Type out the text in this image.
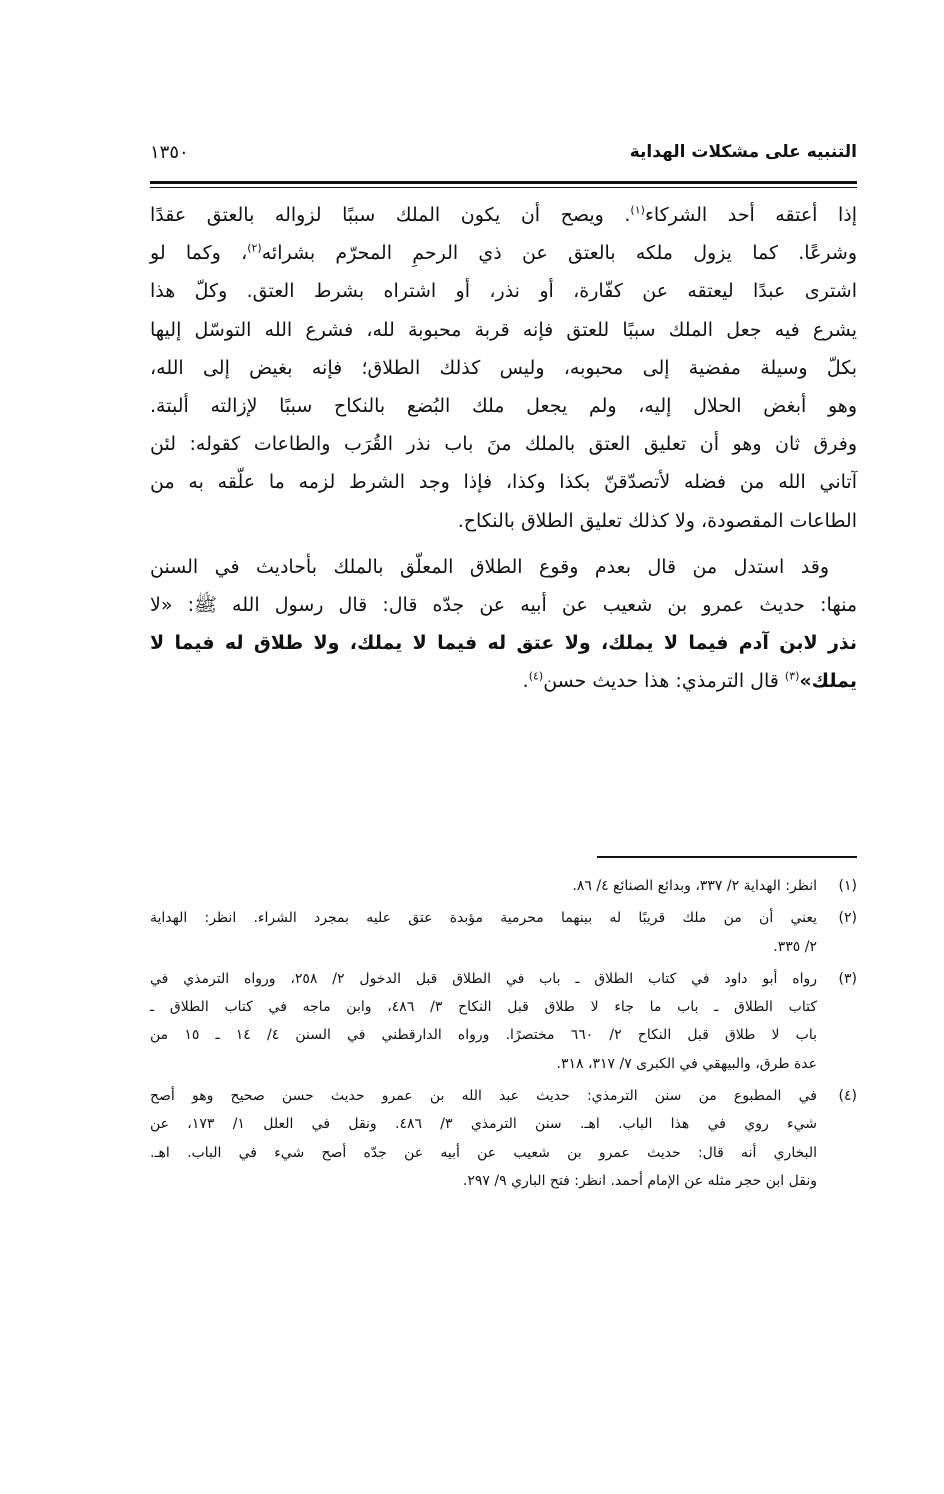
التنبيه على مشكلات الهداية
١٣٥٠
إذا أعتقه أحد الشركاء$^{(١)}$. ويصح أن يكون الملك سببًا لزواله بالعتق عقدًا
وشرعًا. كما يزول ملكه بالعتق عن ذي الرحمِ المحرّم بشرائه$^{(٢)}$، وكما لو
اشترى عبدًا ليعتقه عن كفّارة، أو نذر، أو اشتراه بشرط العتق. وكلّ هذا
يشرع فيه جعل الملك سببًا للعتق فإنه قربة محبوبة لله، فشرع الله التوسّل إليها
بكلّ وسيلة مفضية إلى محبوبه، وليس كذلك الطلاق؛ فإنه بغيض إلى الله،
وهو أبغض الحلال إليه، ولم يجعل ملك البُضع بالنكاح سببًا لإزالته ألبتة.
وفرق ثان وهو أن تعليق العتق بالملك منَ باب نذر القُرَب والطاعات كقوله: لئن
آتاني الله من فضله لأتصدّقنّ بكذا وكذا، فإذا وجد الشرط لزمه ما علّقه به من
الطاعات المقصودة، ولا كذلك تعليق الطلاق بالنكاح.
وقد استدل من قال بعدم وقوع الطلاق المعلّق بالملك بأحاديث في السنن
منها: حديث عمرو بن شعيب عن أبيه عن جدّه قال: قال رسول الله ﷺ: «لا
نذر لابن آدم فيما لا يملك، ولا عتق له فيما لا يملك، ولا طلاق له فيما لا
يملك»$^{(٣)}$ قال الترمذي: هذا حديث حسن$^{(٤)}$.
(١)
انظر: الهداية ٢/ ٣٣٧، وبدائع الصنائع ٤/ ٨٦.
(٢)
يعني أن من ملك قريبًا له بينهما محرمية مؤبدة عتق عليه بمجرد الشراء. انظر: الهداية
٢/ ٣٣٥.
(٣)
رواه أبو داود في كتاب الطلاق ـ باب في الطلاق قبل الدخول ٢/ ٢٥٨، ورواه الترمذي في
كتاب الطلاق ـ باب ما جاء لا طلاق قبل النكاح ٣/ ٤٨٦، وابن ماجه في كتاب الطلاق ـ
باب لا طلاق قبل النكاح ٢/ ٦٦٠ مختصرًا. ورواه الدارقطني في السنن ٤/ ١٤ ـ ١٥ من
عدة طرق، والبيهقي في الكبرى ٧/ ٣١٧، ٣١٨.
(٤)
في المطبوع من سنن الترمذي: حديث عبد الله بن عمرو حديث حسن صحيح وهو أصح
شيء روي في هذا الباب. اهـ. سنن الترمذي ٣/ ٤٨٦. ونقل في العلل ١/ ١٧٣، عن
البخاري أنه قال: حديث عمرو بن شعيب عن أبيه عن جدّه أصح شيء في الباب. اهـ.
ونقل ابن حجر مثله عن الإمام أحمد. انظر: فتح الباري ٩/ ٢٩٧.
